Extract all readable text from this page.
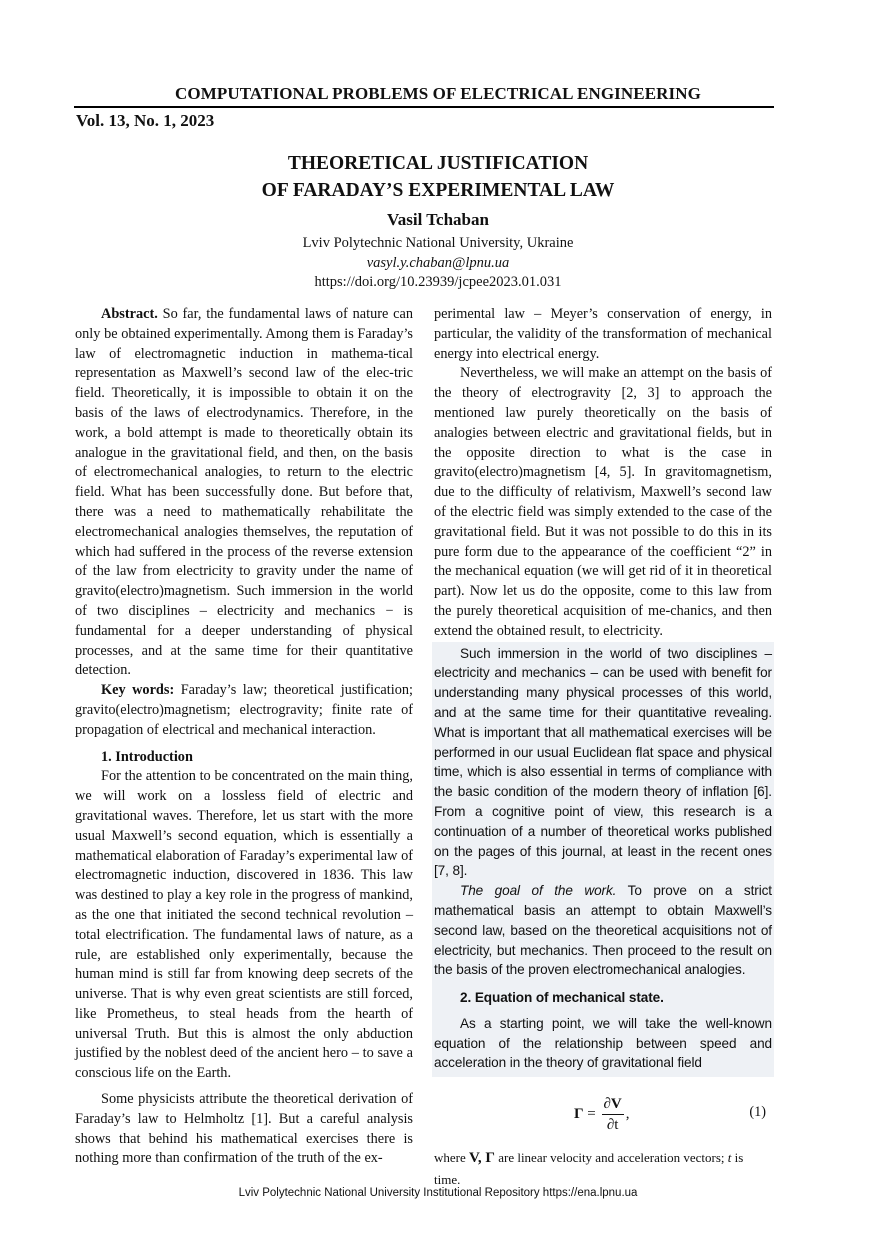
COMPUTATIONAL PROBLEMS OF ELECTRICAL ENGINEERING
Vol. 13, No. 1, 2023
THEORETICAL JUSTIFICATION
OF FARADAY’S EXPERIMENTAL LAW
Vasil Tchaban
Lviv Polytechnic National University, Ukraine
vasyl.y.chaban@lpnu.ua
https://doi.org/10.23939/jcpee2023.01.031

Abstract. So far, the fundamental laws of nature can only be obtained experimentally. Among them is Faraday’s law of electromagnetic induction in mathema-tical representation as Maxwell’s second law of the elec-tric field. Theoretically, it is impossible to obtain it on the basis of the laws of electrodynamics. Therefore, in the work, a bold attempt is made to theoretically obtain its analogue in the gravitational field, and then, on the basis of electromechanical analogies, to return to the electric field. What has been successfully done. But before that, there was a need to mathematically rehabilitate the electromechanical analogies themselves, the reputation of which had suffered in the process of the reverse extension of the law from electricity to gravity under the name of gravito(electro)magnetism. Such immersion in the world of two disciplines – electricity and mechanics − is fundamental for a deeper understanding of physical processes, and at the same time for their quantitative detection.

Key words: Faraday’s law; theoretical justification; gravito(electro)magnetism; electrogravity; finite rate of propagation of electrical and mechanical interaction.

1. Introduction

For the attention to be concentrated on the main thing, we will work on a lossless field of electric and gravitational waves. Therefore, let us start with the more usual Maxwell’s second equation, which is essentially a mathematical elaboration of Faraday’s experimental law of electromagnetic induction, discovered in 1836. This law was destined to play a key role in the progress of mankind, as the one that initiated the second technical revolution – total electrification. The fundamental laws of nature, as a rule, are established only experimentally, because the human mind is still far from knowing deep secrets of the universe. That is why even great scientists are still forced, like Prometheus, to steal heads from the hearth of universal Truth. But this is almost the only abduction justified by the noblest deed of the ancient hero – to save a conscious life on the Earth.

Some physicists attribute the theoretical derivation of Faraday’s law to Helmholtz [1]. But a careful analysis shows that behind his mathematical exercises there is nothing more than confirmation of the truth of the ex-

perimental law – Meyer’s conservation of energy, in particular, the validity of the transformation of mechanical energy into electrical energy.

Nevertheless, we will make an attempt on the basis of the theory of electrogravity [2, 3] to approach the mentioned law purely theoretically on the basis of analogies between electric and gravitational fields, but in the opposite direction to what is the case in gravito(electro)magnetism [4, 5]. In gravitomagnetism, due to the difficulty of relativism, Maxwell’s second law of the electric field was simply extended to the case of the gravitational field. But it was not possible to do this in its pure form due to the appearance of the coefficient “2” in the mechanical equation (we will get rid of it in theoretical part). Now let us do the opposite, come to this law from the purely theoretical acquisition of me-chanics, and then extend the obtained result, to electricity.

Such immersion in the world of two disciplines – electricity and mechanics – can be used with benefit for understanding many physical processes of this world, and at the same time for their quantitative revealing. What is important that all mathematical exercises will be performed in our usual Euclidean flat space and physical time, which is also essential in terms of compliance with the basic condition of the modern theory of inflation [6]. From a cognitive point of view, this research is a continuation of a number of theoretical works published on the pages of this journal, at least in the recent ones [7, 8].

The goal of the work. To prove on a strict mathematical basis an attempt to obtain Maxwell’s second law, based on the theoretical acquisitions not of electricity, but mechanics. Then proceed to the result on the basis of the proven electromechanical analogies.

2. Equation of mechanical state.

As a starting point, we will take the well-known equation of the relationship between speed and acceleration in the theory of gravitational field

$\Gamma = \frac{\partial V}{\partial t}$ ,	(1)

where V, Γ are linear velocity and acceleration vectors; t is
time.

Lviv Polytechnic National University Institutional Repository https://ena.lpnu.ua
